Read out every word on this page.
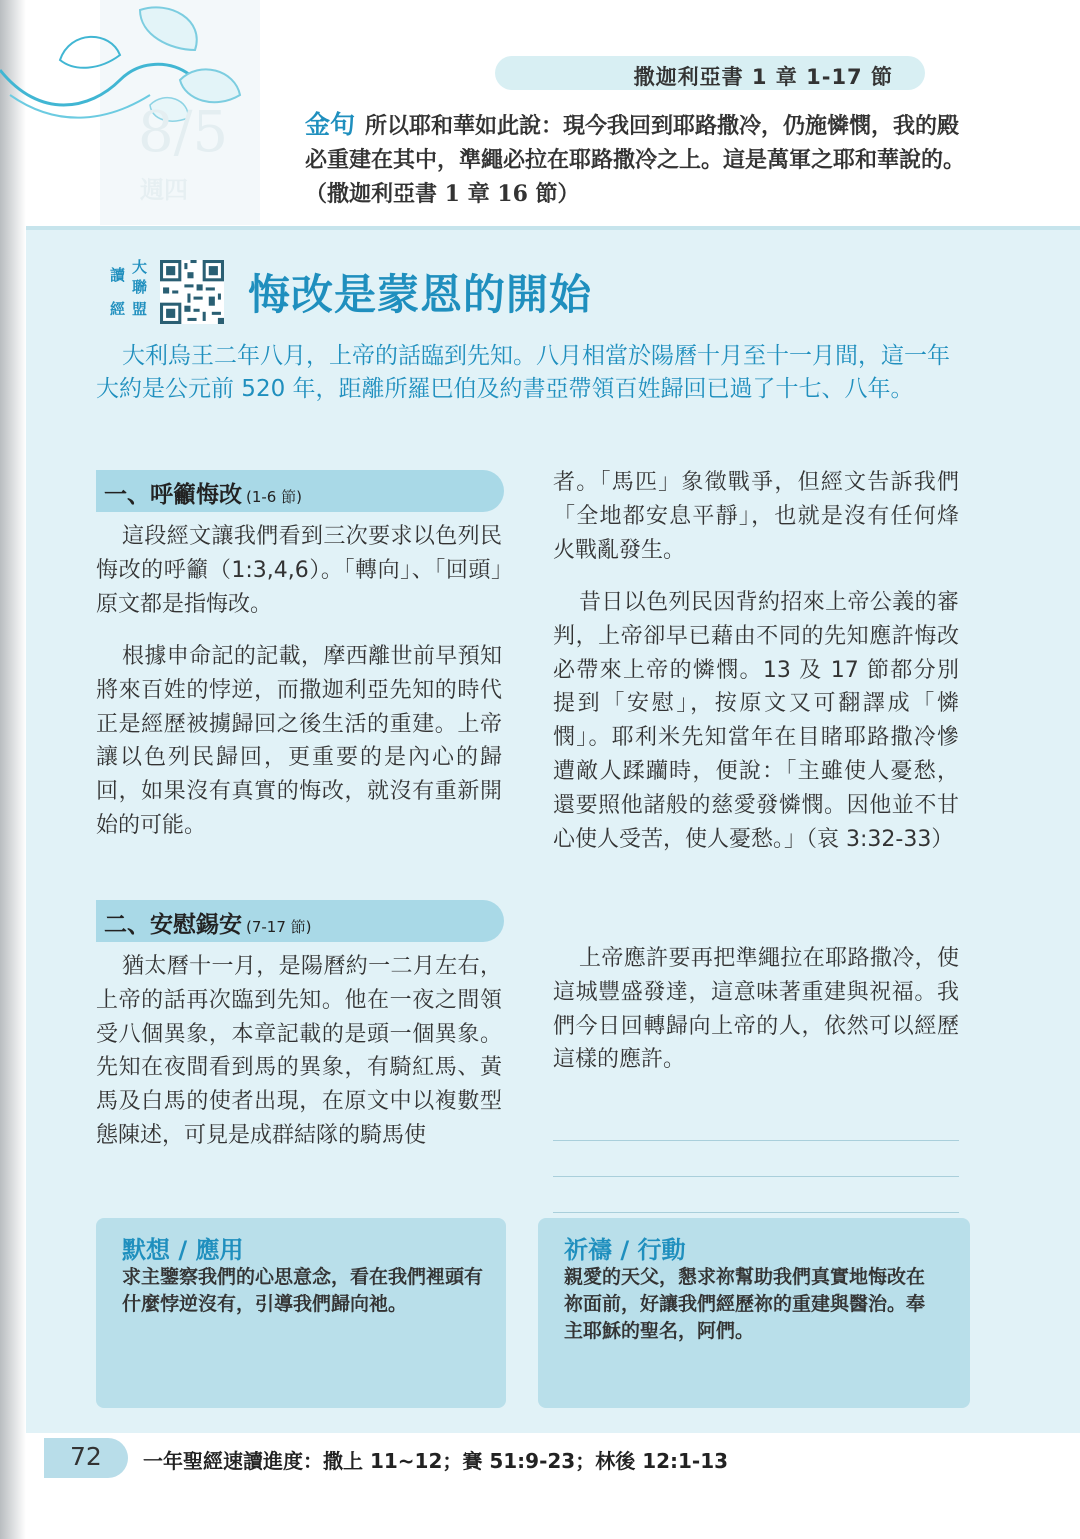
8/5
週四
撒迦利亞書 1 章 1-17 節
金句 所以耶和華如此說：現今我回到耶路撒冷，仍施憐憫，我的殿必重建在其中，準繩必拉在耶路撒冷之上。這是萬軍之耶和華說的。（撒迦利亞書 1 章 16 節）
讀 大
聯
經 盟 悔改是蒙恩的開始
大利烏王二年八月，上帝的話臨到先知。八月相當於陽曆十月至十一月間，這一年大約是公元前 520 年，距離所羅巴伯及約書亞帶領百姓歸回已過了十七、八年。
一、呼籲悔改 (1-6 節)
這段經文讓我們看到三次要求以色列民悔改的呼籲（1:3,4,6）。「轉向」、「回頭」原文都是指悔改。
根據申命記的記載，摩西離世前早預知將來百姓的悖逆，而撒迦利亞先知的時代正是經歷被擄歸回之後生活的重建。上帝讓以色列民歸回，更重要的是內心的歸回，如果沒有真實的悔改，就沒有重新開始的可能。
二、安慰錫安 (7-17 節)
猶太曆十一月，是陽曆約一二月左右，上帝的話再次臨到先知。他在一夜之間領受八個異象，本章記載的是頭一個異象。先知在夜間看到馬的異象，有騎紅馬、黃馬及白馬的使者出現，在原文中以複數型態陳述，可見是成群結隊的騎馬使
者。「馬匹」象徵戰爭，但經文告訴我們「全地都安息平靜」，也就是沒有任何烽火戰亂發生。
昔日以色列民因背約招來上帝公義的審判，上帝卻早已藉由不同的先知應許悔改必帶來上帝的憐憫。13 及 17 節都分別提到「安慰」，按原文又可翻譯成「憐憫」。耶利米先知當年在目睹耶路撒冷慘遭敵人蹂躪時，便說：「主雖使人憂愁，還要照他諸般的慈愛發憐憫。因他並不甘心使人受苦，使人憂愁。」（哀 3:32-33）
上帝應許要再把準繩拉在耶路撒冷，使這城豐盛發達，這意味著重建與祝福。我們今日回轉歸向上帝的人，依然可以經歷這樣的應許。
默想 / 應用
求主鑒察我們的心思意念，看在我們裡頭有什麼悖逆沒有，引導我們歸向祂。
祈禱 / 行動
親愛的天父，懇求祢幫助我們真實地悔改在祢面前，好讓我們經歷祢的重建與醫治。奉主耶穌的聖名，阿們。
72 一年聖經速讀進度：撒上 11~12；賽 51:9-23；林後 12:1-13
